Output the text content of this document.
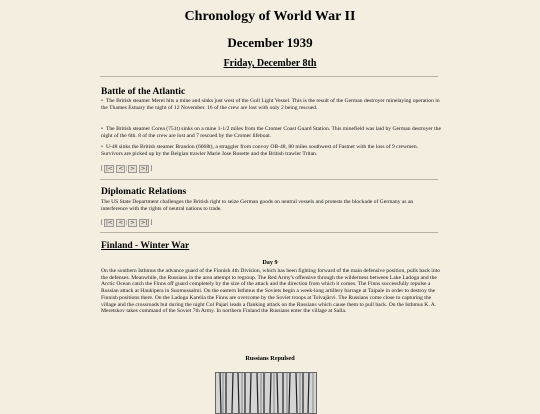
Chronology of World War II
December 1939
Friday, December 8th
Battle of the Atlantic

• The British steamer Merel hits a mine and sinks just west of the Gull Light Vessel. This is the result of the German destroyer minelaying operation in the Thames Estuary the night of 12 November. 16 of the crew are lost with only 2 being rescued.

• The British steamer Corea (751t) sinks on a mine 1-1/2 miles from the Cromer Coast Guard Station. This minefield was laid by German destroyer the night of the 6th. 8 of the crew are lost and 7 rescued by the Cromer lifeboat.

• U-48 sinks the British steamer Brandon (6668t), a straggler from convoy OB-48, 80 miles southwest of Fastnet with the loss of 9 crewmen. Survivors are picked up by the Belgian trawler Marie Jose Rosette and the British trawler Tritan.

[ |< < | > >| ]
Diplomatic Relations

The US State Department challenges the British right to seize German goods on neutral vessels and protests the blockade of Germany as an interference with the rights of neutral nations to trade.

[ |< < | > >| ]
Finland - Winter War
Day 9

On the southern Isthmus the advance guard of the Finnish 4th Division, which has been fighting forward of the main defensive position, pulls back into the defenses. Meanwhile, the Russians in the area attempt to regroup. The Red Army's offensive through the wilderness between Lake Ladoga and the Arctic Ocean catch the Finns off guard completely by the size of the attack and the direction from which it comes. The Finns successfully repulse a Russian attack at Haukipera in Suomussalmi. On the eastern Isthmus the Soviets begin a week-long artillery barrage at Taipale in order to destroy the Finnish positions there. On the Ladoga Karelia the Finns are overcome by the Soviet troops at Tolvajärvi. The Russians come close to capturing the village and the crossroads but during the night Col Pajari leads a flanking attack on the Russians which cause them to pull back. On the Isthmus K. A. Meretskov takes command of the Soviet 7th Army. In northern Finland the Russians enter the village at Salla.

Russians Repulsed
